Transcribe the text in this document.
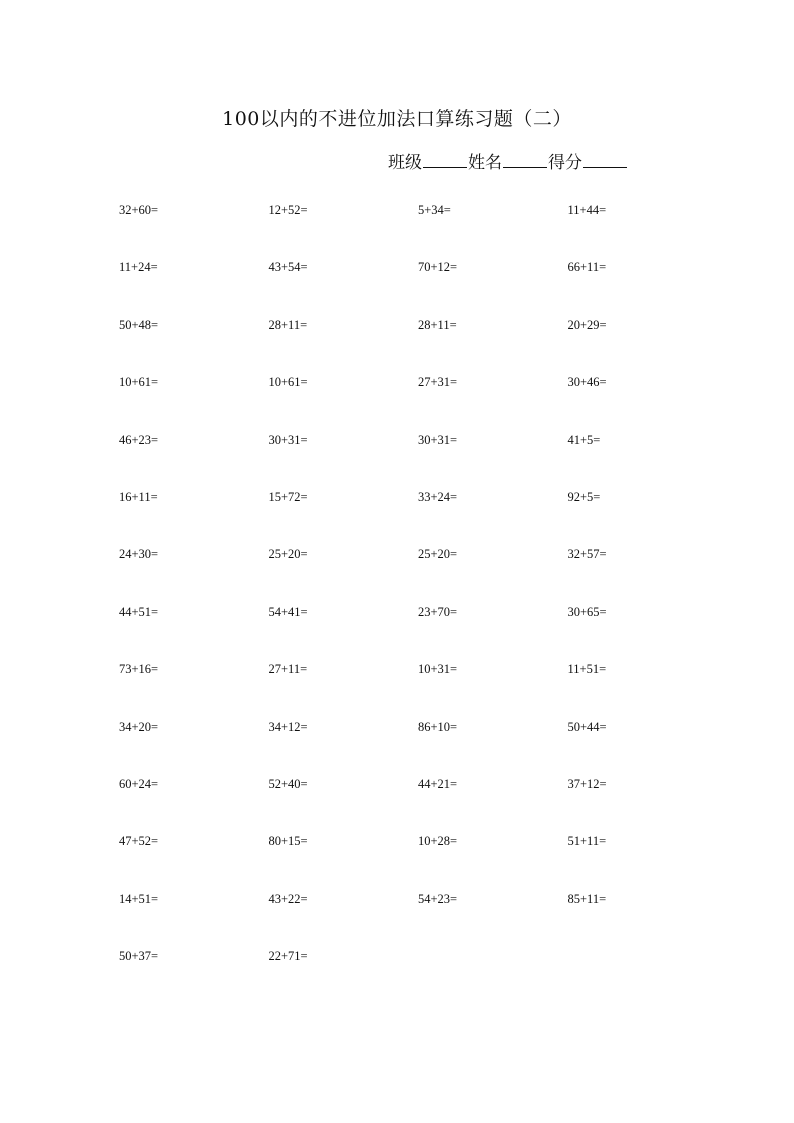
100以内的不进位加法口算练习题（二）
班级	姓名	得分
32+60=	12+52=	5+34=	11+44=
11+24=	43+54=	70+12=	66+11=
50+48=	28+11=	28+11=	20+29=
10+61=	10+61=	27+31=	30+46=
46+23=	30+31=	30+31=	41+5=
16+11=	15+72=	33+24=	92+5=
24+30=	25+20=	25+20=	32+57=
44+51=	54+41=	23+70=	30+65=
73+16=	27+11=	10+31=	11+51=
34+20=	34+12=	86+10=	50+44=
60+24=	52+40=	44+21=	37+12=
47+52=	80+15=	10+28=	51+11=
14+51=	43+22=	54+23=	85+11=
50+37=	22+71=
